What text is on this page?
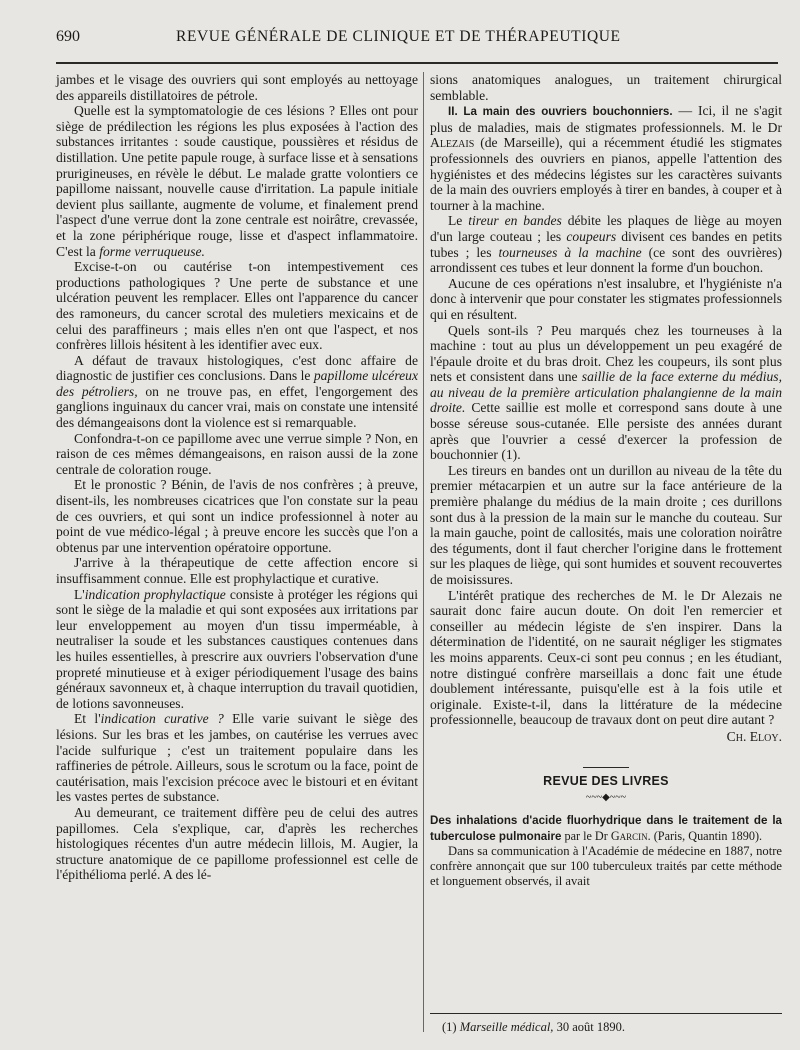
690	REVUE GÉNÉRALE DE CLINIQUE ET DE THÉRAPEUTIQUE

jambes et le visage des ouvriers qui sont employés au nettoyage des appareils distillatoires de pétrole.

Quelle est la symptomatologie de ces lésions ? Elles ont pour siège de prédilection les régions les plus exposées à l'action des substances irritantes : soude caustique, poussières et résidus de distillation. Une petite papule rouge, à surface lisse et à sensations prurigineuses, en révèle le début. Le malade gratte volontiers ce papillome naissant, nouvelle cause d'irritation. La papule initiale devient plus saillante, augmente de volume, et finalement prend l'aspect d'une verrue dont la zone centrale est noirâtre, crevassée, et la zone périphérique rouge, lisse et d'aspect inflammatoire. C'est la forme verruqueuse.

Excise-t-on ou cautérise t-on intempestivement ces productions pathologiques ? Une perte de substance et une ulcération peuvent les remplacer. Elles ont l'apparence du cancer des ramoneurs, du cancer scrotal des muletiers mexicains et de celui des paraffineurs ; mais elles n'en ont que l'aspect, et nos confrères lillois hésitent à les identifier avec eux.

A défaut de travaux histologiques, c'est donc affaire de diagnostic de justifier ces conclusions. Dans le papillome ulcéreux des pétroliers, on ne trouve pas, en effet, l'engorgement des ganglions inguinaux du cancer vrai, mais on constate une intensité des démangeaisons dont la violence est si remarquable.

Confondra-t-on ce papillome avec une verrue simple ? Non, en raison de ces mêmes démangeaisons, en raison aussi de la zone centrale de coloration rouge.

Et le pronostic ? Bénin, de l'avis de nos confrères ; à preuve, disent-ils, les nombreuses cicatrices que l'on constate sur la peau de ces ouvriers, et qui sont un indice professionnel à noter au point de vue médico-légal ; à preuve encore les succès que l'on a obtenus par une intervention opératoire opportune.

J'arrive à la thérapeutique de cette affection encore si insuffisamment connue. Elle est prophylactique et curative.

L'indication prophylactique consiste à protéger les régions qui sont le siège de la maladie et qui sont exposées aux irritations par leur enveloppement au moyen d'un tissu imperméable, à neutraliser la soude et les substances caustiques contenues dans les huiles essentielles, à prescrire aux ouvriers l'observation d'une propreté minutieuse et à exiger périodiquement l'usage des bains généraux savonneux et, à chaque interruption du travail quotidien, de lotions savonneuses.

Et l'indication curative ? Elle varie suivant le siège des lésions. Sur les bras et les jambes, on cautérise les verrues avec l'acide sulfurique ; c'est un traitement populaire dans les raffineries de pétrole. Ailleurs, sous le scrotum ou la face, point de cautérisation, mais l'excision précoce avec le bistouri et en évitant les vastes pertes de substance.

Au demeurant, ce traitement diffère peu de celui des autres papillomes. Cela s'explique, car, d'après les recherches histologiques récentes d'un autre médecin lillois, M. Augier, la structure anatomique de ce papillome professionnel est celle de l'épithélioma perlé. A des lé-

sions anatomiques analogues, un traitement chirurgical semblable.

II. La main des ouvriers bouchonniers. — Ici, il ne s'agit plus de maladies, mais de stigmates professionnels. M. le Dr Alezais (de Marseille), qui a récemment étudié les stigmates professionnels des ouvriers en pianos, appelle l'attention des hygiénistes et des médecins légistes sur les caractères suivants de la main des ouvriers employés à tirer en bandes, à couper et à tourner à la machine.

Le tireur en bandes débite les plaques de liège au moyen d'un large couteau ; les coupeurs divisent ces bandes en petits tubes ; les tourneuses à la machine (ce sont des ouvrières) arrondissent ces tubes et leur donnent la forme d'un bouchon.

Aucune de ces opérations n'est insalubre, et l'hygiéniste n'a donc à intervenir que pour constater les stigmates professionnels qui en résultent.

Quels sont-ils ? Peu marqués chez les tourneuses à la machine : tout au plus un développement un peu exagéré de l'épaule droite et du bras droit. Chez les coupeurs, ils sont plus nets et consistent dans une saillie de la face externe du médius, au niveau de la première articulation phalangienne de la main droite. Cette saillie est molle et correspond sans doute à une bosse séreuse sous-cutanée. Elle persiste des années durant après que l'ouvrier a cessé d'exercer la profession de bouchonnier (1).

Les tireurs en bandes ont un durillon au niveau de la tête du premier métacarpien et un autre sur la face antérieure de la première phalange du médius de la main droite ; ces durillons sont dus à la pression de la main sur le manche du couteau. Sur la main gauche, point de callosités, mais une coloration noirâtre des téguments, dont il faut chercher l'origine dans le frottement sur les plaques de liège, qui sont humides et souvent recouvertes de moisissures.

L'intérêt pratique des recherches de M. le Dr Alezais ne saurait donc faire aucun doute. On doit l'en remercier et conseiller au médecin légiste de s'en inspirer. Dans la détermination de l'identité, on ne saurait négliger les stigmates les moins apparents. Ceux-ci sont peu connus ; en les étudiant, notre distingué confrère marseillais a donc fait une étude doublement intéressante, puisqu'elle est à la fois utile et originale. Existe-t-il, dans la littérature de la médecine professionnelle, beaucoup de travaux dont on peut dire autant ?

Ch. Eloy.
REVUE DES LIVRES
~~~◆~~~

Des inhalations d'acide fluorhydrique dans le traitement de la tuberculose pulmonaire par le Dr Garcin. (Paris, Quantin 1890).

Dans sa communication à l'Académie de médecine en 1887, notre confrère annonçait que sur 100 tuberculeux traités par cette méthode et longuement observés, il avait

(1) Marseille médical, 30 août 1890.
